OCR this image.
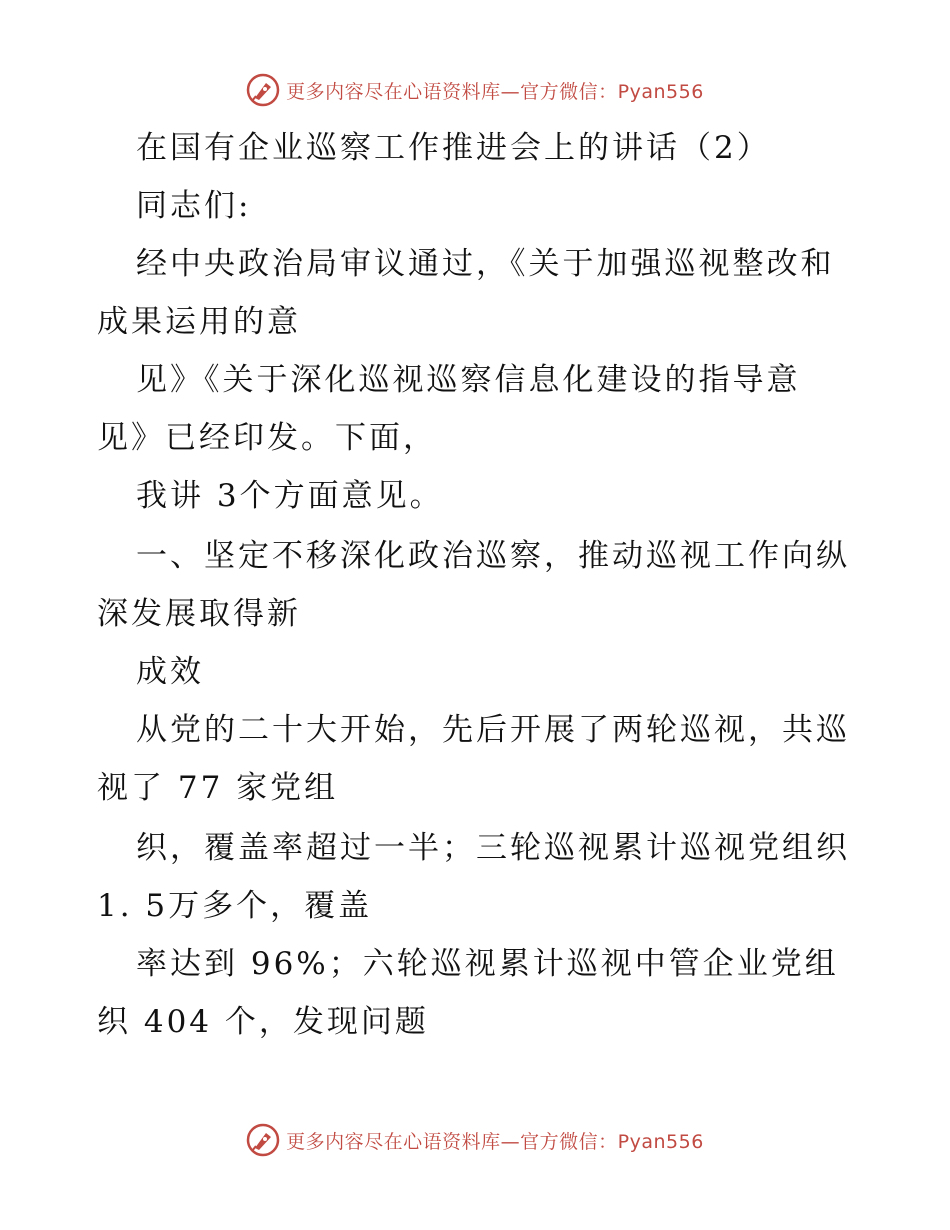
更多内容尽在心语资料库—官方微信：Pyan556
在国有企业巡察工作推进会上的讲话（2）
同志们:
经中央政治局审议通过，《关于加强巡视整改和
成果运用的意
见》《关于深化巡视巡察信息化建设的指导意
见》已经印发。下面，
我讲 3个方面意见。
一、坚定不移深化政治巡察，推动巡视工作向纵
深发展取得新
成效
从党的二十大开始，先后开展了两轮巡视，共巡
视了 77 家党组
织，覆盖率超过一半；三轮巡视累计巡视党组织
1. 5万多个，覆盖
率达到 96%；六轮巡视累计巡视中管企业党组
织 404 个，发现问题
更多内容尽在心语资料库—官方微信：Pyan556
